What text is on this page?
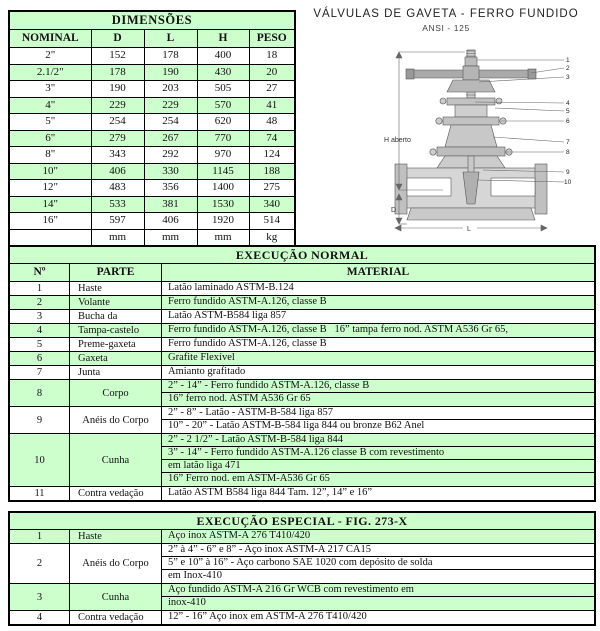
DIMENSÕES				
NOMINAL	D	L	H	PESO
2"	152	178	400	18
2.1/2"	178	190	430	20
3"	190	203	505	27
4"	229	229	570	41
5"	254	254	620	48
6"	279	267	770	74
8"	343	292	970	124
10"	406	330	1145	188
12"	483	356	1400	275
14"	533	381	1530	340
16"	597	406	1920	514
	mm	mm	mm	kg
VÁLVULAS DE GAVETA - FERRO FUNDIDO
ANSI - 125
H aberto
D
L
1
2
3
4
5
6
7
8
9
10
EXECUÇÃO NORMAL
Nº	PARTE	MATERIAL
1	Haste	Latão laminado ASTM-B.124
2	Volante	Ferro fundido ASTM-A.126, classe B
3	Bucha da	Latão ASTM-B584 liga 857
4	Tampa-castelo	Ferro fundido ASTM-A.126, classe B   16” tampa ferro nod. ASTM A536 Gr 65,
5	Preme-gaxeta	Ferro fundido ASTM-A.126, classe B
6	Gaxeta	Grafite Flexível
7	Junta	Amianto grafitado
8	Corpo
2” - 14” - Ferro fundido ASTM-A.126, classe B
16” ferro nod. ASTM A536 Gr 65
9	Anéis do Corpo
2” - 8” - Latão - ASTM-B-584 liga 857
10” - 20” - Latão ASTM-B-584 liga 844 ou bronze B62 Anel
10	Cunha
2” - 2 1/2” - Latão ASTM-B-584 liga 844
3” - 14” - Ferro fundido ASTM-A.126 classe B com revestimento
em latão liga 471
16” Ferro nod. em ASTM-A536 Gr 65
11	Contra vedação	Latão ASTM B584 liga 844 Tam. 12”, 14” e 16”
EXECUÇÃO ESPECIAL - FIG. 273-X
1	Haste	Aço inox ASTM-A 276 T410/420
2	Anéis do Corpo
2” à 4” - 6” e 8” - Aço inox ASTM-A 217 CA15
5” e 10” à 16” - Aço carbono SAE 1020 com depósito de solda
em Inox-410
3	Cunha
Aço fundido ASTM-A 216 Gr WCB com revestimento em
inox-410
4	Contra vedação	12” - 16” Aço inox em ASTM-A 276 T410/420
